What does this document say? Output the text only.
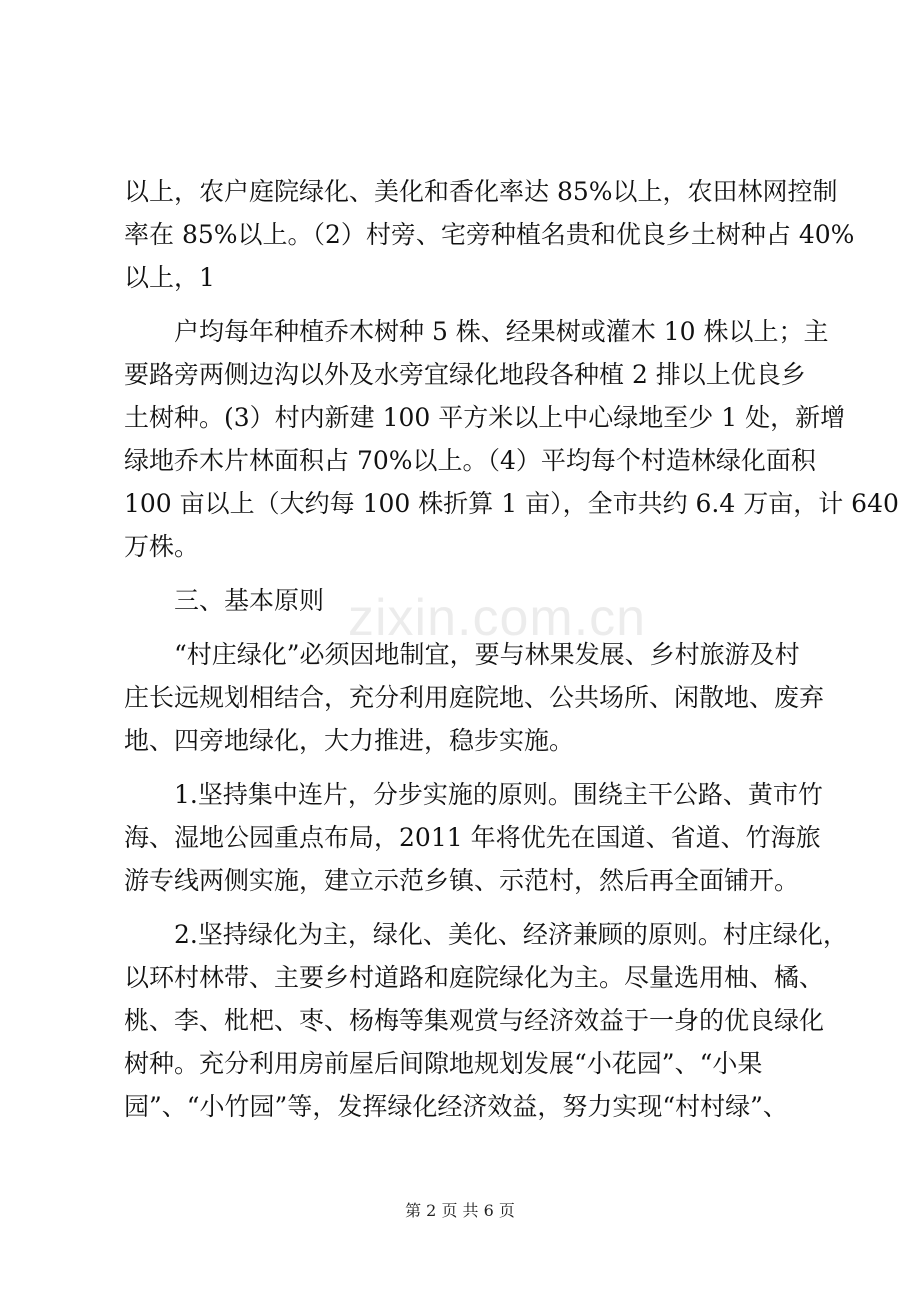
zixin.com.cn
以上，农户庭院绿化、美化和香化率达 85%以上，农田林网控制
率在 85%以上。（2）村旁、宅旁种植名贵和优良乡土树种占 40%
以上，1
　　户均每年种植乔木树种 5 株、经果树或灌木 10 株以上；主
要路旁两侧边沟以外及水旁宜绿化地段各种植 2 排以上优良乡
土树种。(3）村内新建 100 平方米以上中心绿地至少 1 处，新增
绿地乔木片林面积占 70%以上。（4）平均每个村造林绿化面积
100 亩以上（大约每 100 株折算 1 亩），全市共约 6.4 万亩，计 640
万株。
　　三、基本原则
　　“村庄绿化”必须因地制宜，要与林果发展、乡村旅游及村
庄长远规划相结合，充分利用庭院地、公共场所、闲散地、废弃
地、四旁地绿化，大力推进，稳步实施。
　　1.坚持集中连片，分步实施的原则。围绕主干公路、黄市竹
海、湿地公园重点布局，2011 年将优先在国道、省道、竹海旅
游专线两侧实施，建立示范乡镇、示范村，然后再全面铺开。
　　2.坚持绿化为主，绿化、美化、经济兼顾的原则。村庄绿化，
以环村林带、主要乡村道路和庭院绿化为主。尽量选用柚、橘、
桃、李、枇杷、枣、杨梅等集观赏与经济效益于一身的优良绿化
树种。充分利用房前屋后间隙地规划发展“小花园”、“小果
园”、“小竹园”等，发挥绿化经济效益，努力实现“村村绿”、
第 2 页 共 6 页
